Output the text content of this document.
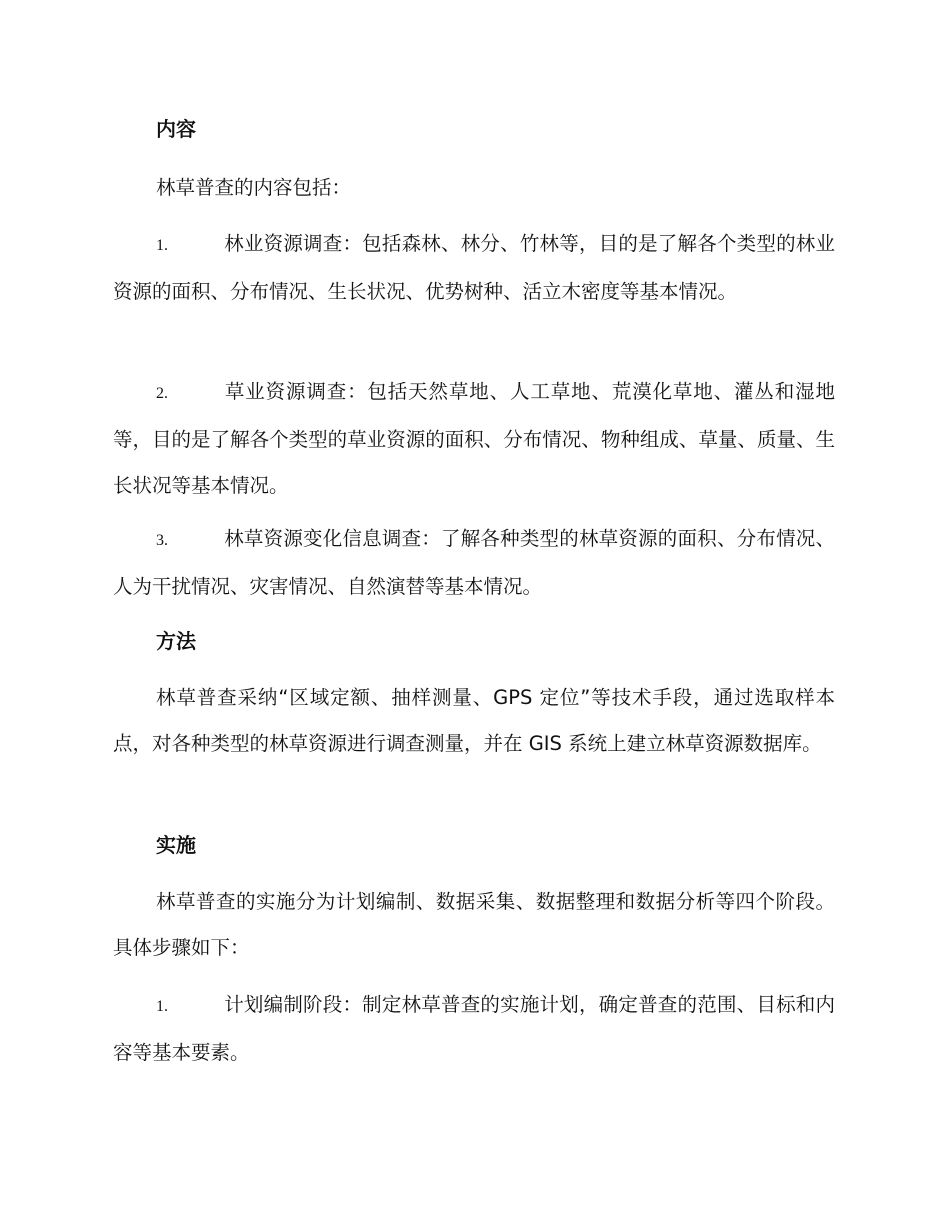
内容
林草普查的内容包括：
1.	林业资源调查：包括森林、林分、竹林等，目的是了解各个类型的林业资源的面积、分布情况、生长状况、优势树种、活立木密度等基本情况。
2.	草业资源调查：包括天然草地、人工草地、荒漠化草地、灌丛和湿地等，目的是了解各个类型的草业资源的面积、分布情况、物种组成、草量、质量、生长状况等基本情况。
3.	林草资源变化信息调查：了解各种类型的林草资源的面积、分布情况、人为干扰情况、灾害情况、自然演替等基本情况。
方法
林草普查采纳“区域定额、抽样测量、GPS 定位”等技术手段，通过选取样本点，对各种类型的林草资源进行调查测量，并在 GIS 系统上建立林草资源数据库。
实施
林草普查的实施分为计划编制、数据采集、数据整理和数据分析等四个阶段。具体步骤如下：
1.	计划编制阶段：制定林草普查的实施计划，确定普查的范围、目标和内容等基本要素。
